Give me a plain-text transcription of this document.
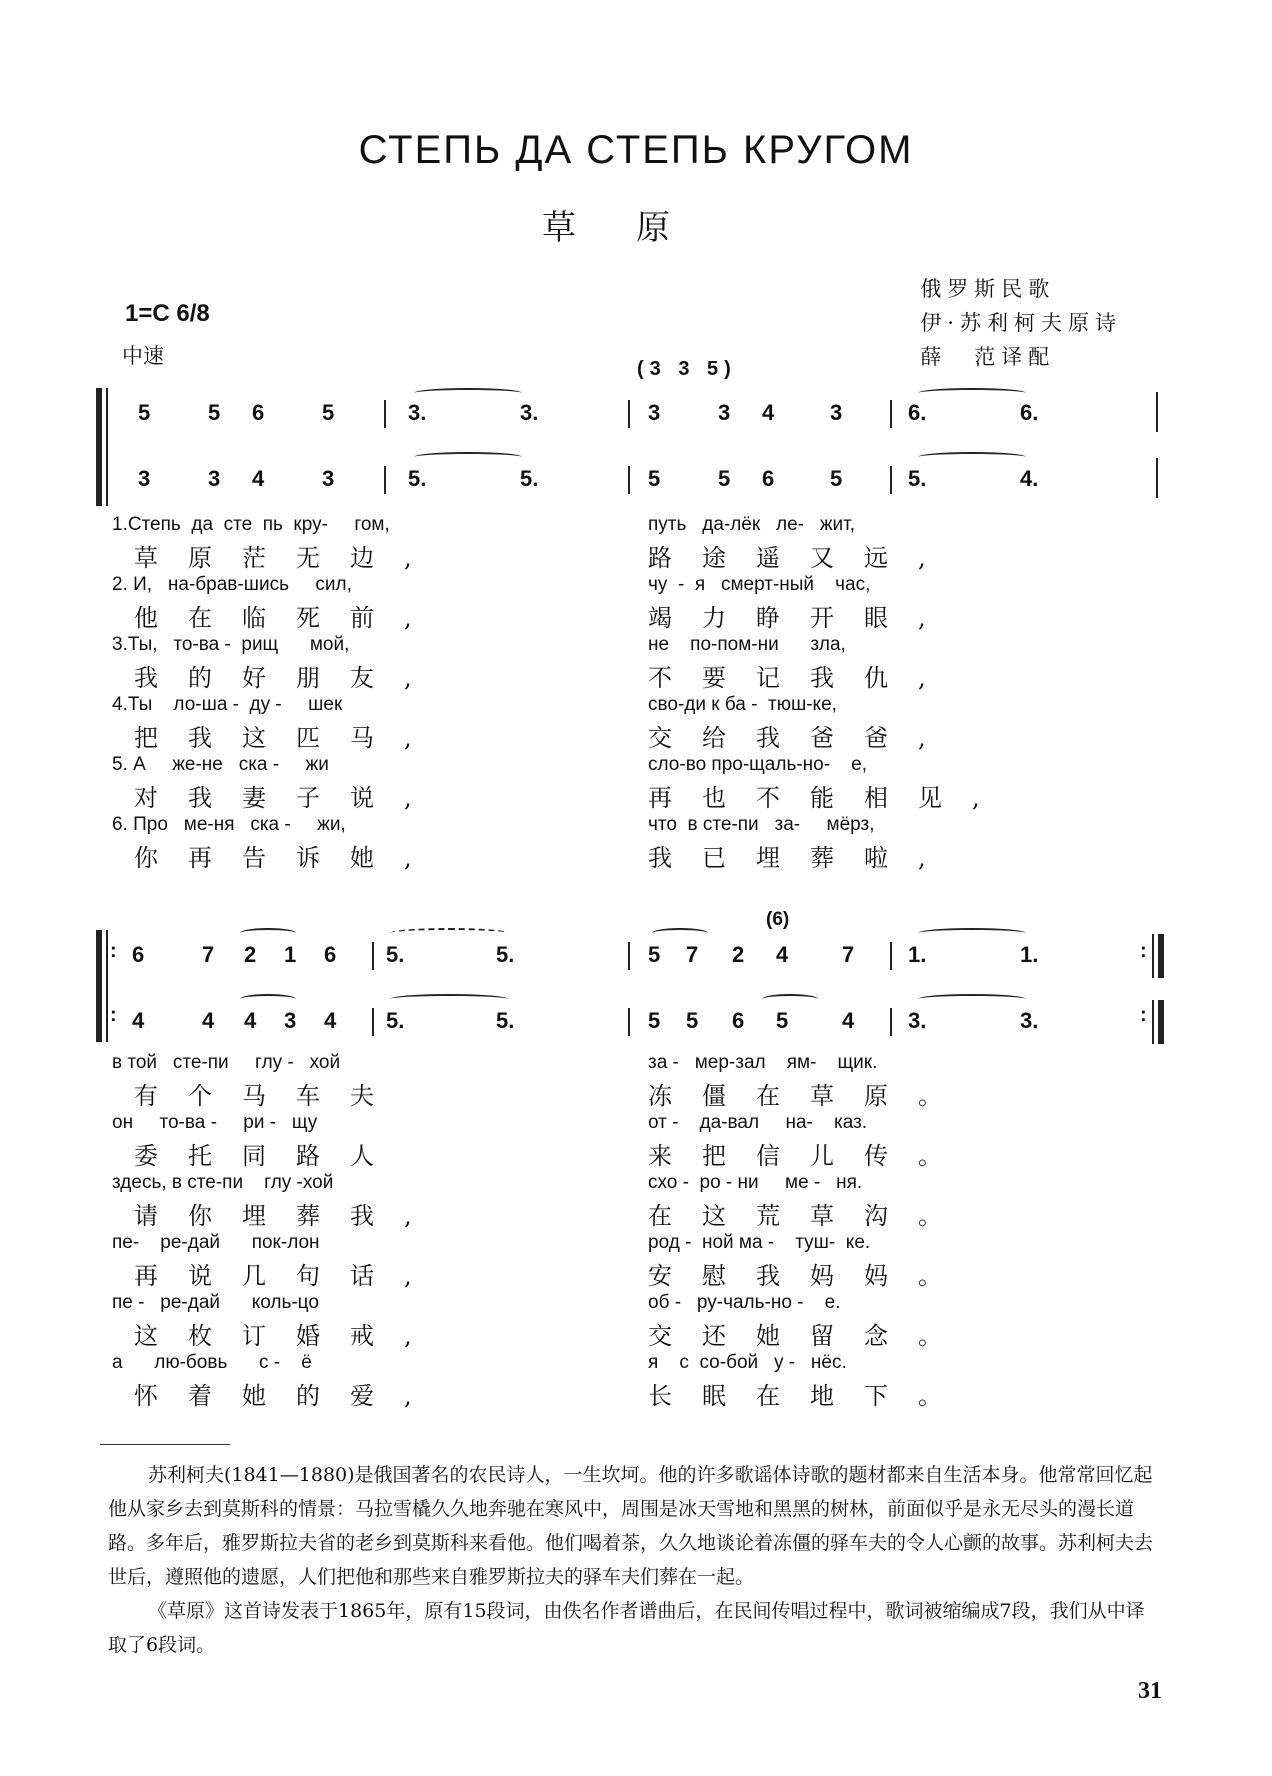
СТЕПЬ ДА СТЕПЬ КРУГОМ
草原
俄罗斯民歌
伊·苏利柯夫原诗
薛　范译配
1=C 6/8
中速
(3 3 5)
5	5 6	5	3.	3.	3	3 4	3	6.	6.
3	3 4	3	5.	5.	5	5 6	5	5.	4.
1.Степь  да  сте  пь  кру-     гом,	путь   да-лёк   ле-   жит,
草原茫无边,	路途遥又远,
2. И,   на-брав-шись     сил,	чу  -  я   смерт-ный    час,
他在临死前,	竭力睁开眼,
3.Ты,   то-ва -  рищ      мой,	не    по-пом-ни      зла,
我的好朋友,	不要记我仇,
4.Ты    ло-ша -  ду -     шек	сво-ди к ба -  тюш-ке,
把我这匹马,	交给我爸爸,
5. А     же-не   ска -     жи	сло-во про-щаль-но-    е,
对我妻子说,	再也不能相见,
6. Про   ме-ня   ска -     жи,	что  в сте-пи   за-     мёрз,
你再告诉她,	我已埋葬啦,
(6)
:
:
:
:
6	7 2 1 6 5.	5.	5 7 2 4 7 1.	1.
4	4 4 3 4 5.	5.	5 5 6 5 4 3.	3.
в той   сте-пи     глу -   хой	за -   мер-зал    ям-    щик.
有个马车夫	冻僵在草原。
он     то-ва -     ри -   щу	от -    да-вал     на-    каз.
委托同路人	来把信儿传。
здесь, в сте-пи    глу -хой	схо -  ро - ни     ме -   ня.
请你埋葬我,	在这荒草沟。
пе-    ре-дай      пок-лон	род -  ной ма -    туш-  ке.
再说几句话,	安慰我妈妈。
пе -   ре-дай      коль-цо	об -   ру-чаль-но -    е.
这枚订婚戒,	交还她留念。
а      лю-бовь      с -    ё	я    с  со-бой   у -   нёс.
怀着她的爱,	长眠在地下。

苏利柯夫(1841—1880)是俄国著名的农民诗人，一生坎坷。他的许多歌谣体诗歌的题材都来自生活本身。他常常回忆起他从家乡去到莫斯科的情景：马拉雪橇久久地奔驰在寒风中，周围是冰天雪地和黑黑的树林，前面似乎是永无尽头的漫长道路。多年后，雅罗斯拉夫省的老乡到莫斯科来看他。他们喝着茶，久久地谈论着冻僵的驿车夫的令人心颤的故事。苏利柯夫去世后，遵照他的遗愿，人们把他和那些来自雅罗斯拉夫的驿车夫们葬在一起。

《草原》这首诗发表于1865年，原有15段词，由佚名作者谱曲后，在民间传唱过程中，歌词被缩编成7段，我们从中译取了6段词。

31
